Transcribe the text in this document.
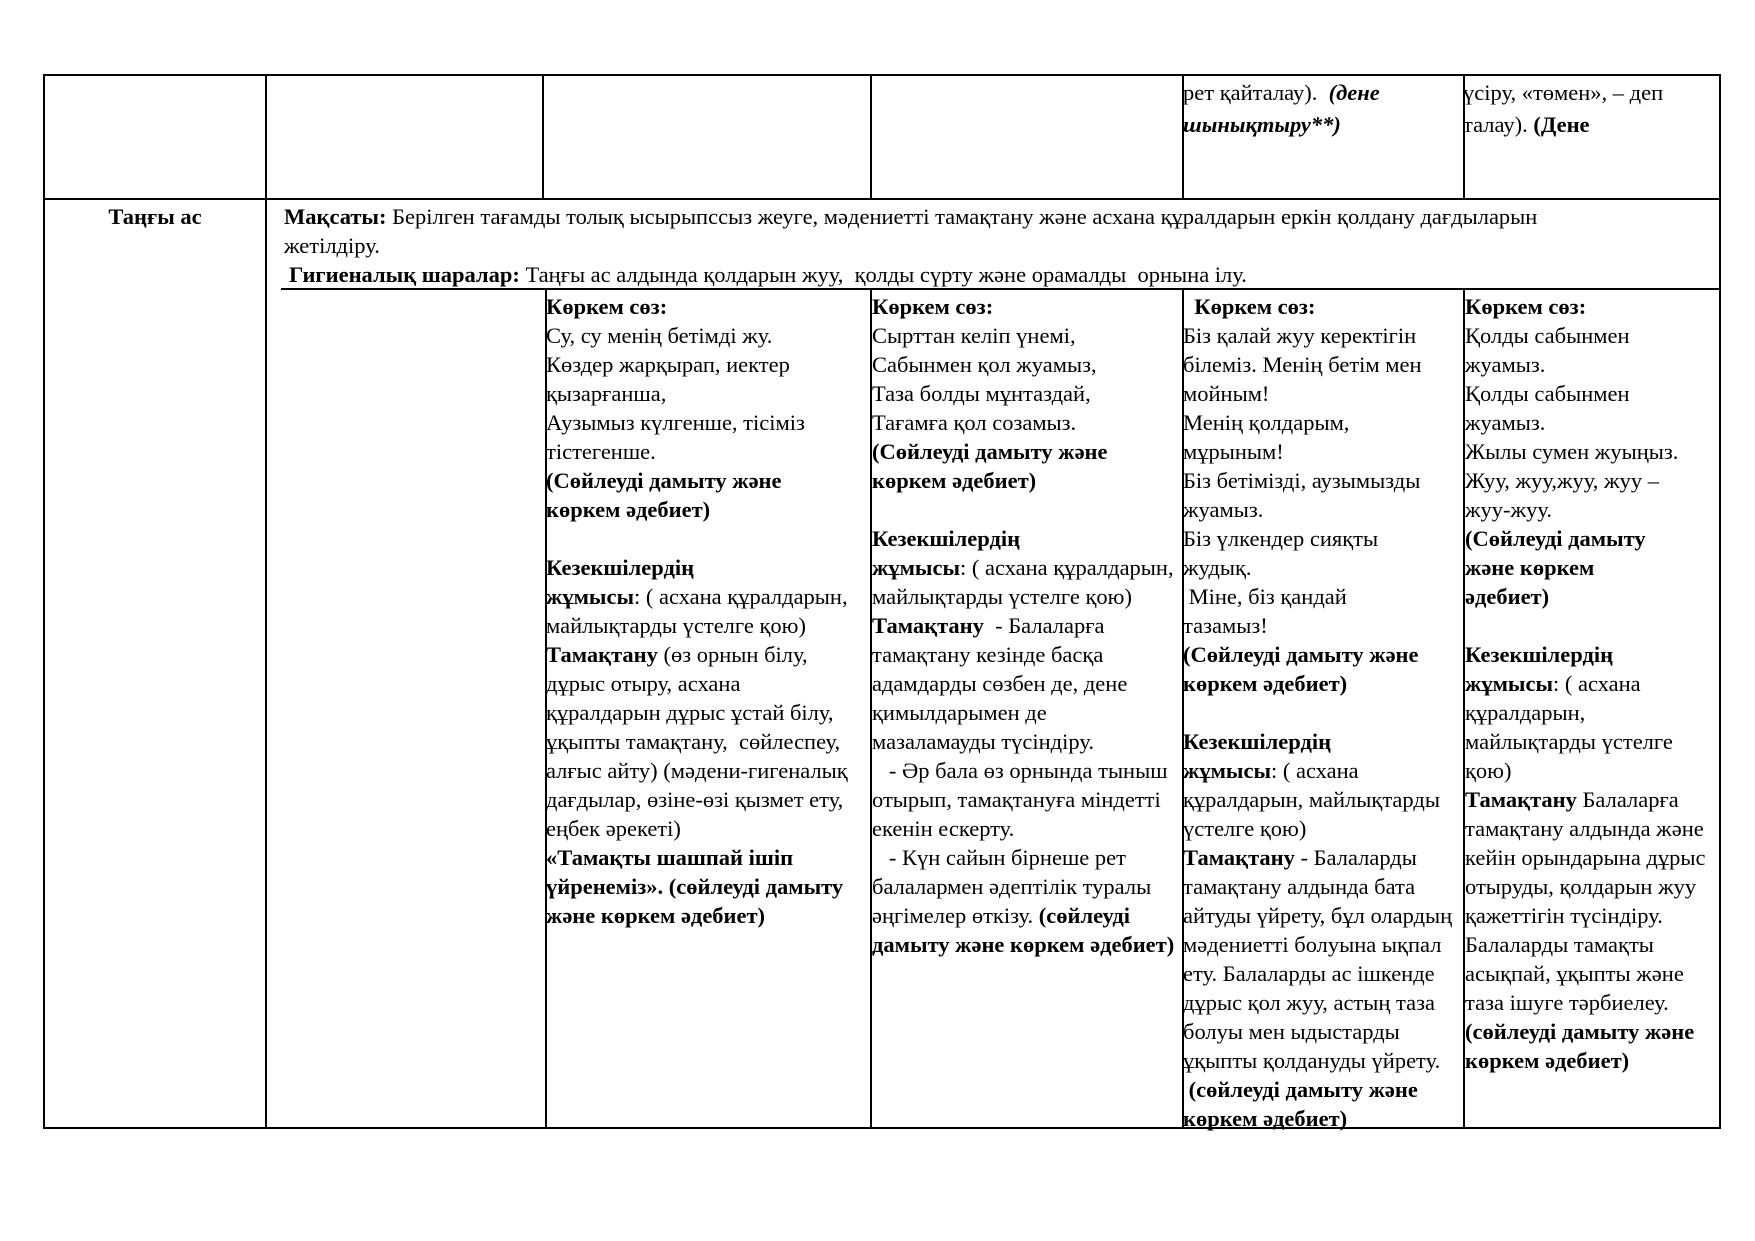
рет қайталау).  (дене
шынықтыру**)
үсіру, «төмен», – деп
талау). (Дене
Таңғы ас	Мақсаты: Берілген тағамды толық ысырыпссыз жеуге, мәдениетті тамақтану және асхана құралдарын еркін қолдану дағдыларын
жетілдіру.
Гигиеналық шаралар: Таңғы ас алдында қолдарын жуу,  қолды сүрту және орамалды  орнына ілу.
Көркем сөз:
Су, су менің бетімді жу.
Көздер жарқырап, иектер
қызарғанша,
Аузымыз күлгенше, тісіміз
тістегенше.
(Сөйлеуді дамыту және
көркем әдебиет)

Кезекшілердің
жұмысы: ( асхана құралдарын,
майлықтарды үстелге қою)
Тамақтану (өз орнын білу,
дұрыс отыру, асхана
құралдарын дұрыс ұстай білу,
ұқыпты тамақтану,  сөйлеспеу,
алғыс айту) (мәдени-гигеналық
дағдылар, өзіне-өзі қызмет ету,
еңбек әрекеті)
«Тамақты шашпай ішіп
үйренеміз». (сөйлеуді дамыту
және көркем әдебиет)
Көркем сөз:
Сырттан келіп үнемі,
Сабынмен қол жуамыз,
Таза болды мұнтаздай,
Тағамға қол созамыз.
(Сөйлеуді дамыту және
көркем әдебиет)

Кезекшілердің
жұмысы: ( асхана құралдарын,
майлықтарды үстелге қою)
Тамақтану  - Балаларға
тамақтану кезінде басқа
адамдарды сөзбен де, дене
қимылдарымен де
мазаламауды түсіндіру.
- Әр бала өз орнында тыныш
отырып, тамақтануға міндетті
екенін ескерту.
- Күн сайын бірнеше рет
балалармен әдептілік туралы
әңгімелер өткізу. (сөйлеуді
дамыту және көркем әдебиет)
Көркем сөз:
Біз қалай жуу керектігін
білеміз. Менің бетім мен
мойным!
Менің қолдарым,
мұрыным!
Біз бетімізді, аузымызды
жуамыз.
Біз үлкендер сияқты
жудық.
Міне, біз қандай
тазамыз!
(Сөйлеуді дамыту және
көркем әдебиет)

Кезекшілердің
жұмысы: ( асхана
құралдарын, майлықтарды
үстелге қою)
Тамақтану - Балаларды
тамақтану алдында бата
айтуды үйрету, бұл олардың
мәдениетті болуына ықпал
ету. Балаларды ас ішкенде
дұрыс қол жуу, астың таза
болуы мен ыдыстарды
ұқыпты қолдануды үйрету.
(сөйлеуді дамыту және
көркем әдебиет)
Көркем сөз:
Қолды сабынмен
жуамыз.
Қолды сабынмен
жуамыз.
Жылы сумен жуыңыз.
Жуу, жуу,жуу, жуу –
жуу-жуу.
(Сөйлеуді дамыту
және көркем
әдебиет)

Кезекшілердің
жұмысы: ( асхана
құралдарын,
майлықтарды үстелге
қою)
Тамақтану Балаларға
тамақтану алдында және
кейін орындарына дұрыс
отыруды, қолдарын жуу
қажеттігін түсіндіру.
Балаларды тамақты
асықпай, ұқыпты және
таза ішуге тәрбиелеу.
(сөйлеуді дамыту және
көркем әдебиет)
